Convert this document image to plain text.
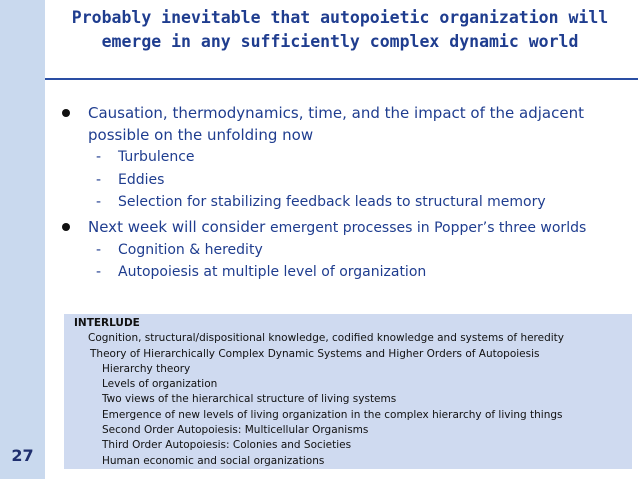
27
Probably inevitable that autopoietic organization will
emerge in any sufficiently complex dynamic world
Causation, thermodynamics, time, and the impact of the adjacent
possible on the unfolding now
- Turbulence
- Eddies
- Selection for stabilizing feedback leads to structural memory
Next week will consider emergent processes in Popper’s three worlds
- Cognition & heredity
- Autopoiesis at multiple level of organization
INTERLUDE
Cognition, structural/dispositional knowledge, codified knowledge and systems of heredity
Theory of Hierarchically Complex Dynamic Systems and Higher Orders of Autopoiesis
Hierarchy theory
Levels of organization
Two views of the hierarchical structure of living systems
Emergence of new levels of living organization in the complex hierarchy of living things
Second Order Autopoiesis: Multicellular Organisms
Third Order Autopoiesis: Colonies and Societies
Human economic and social organizations
